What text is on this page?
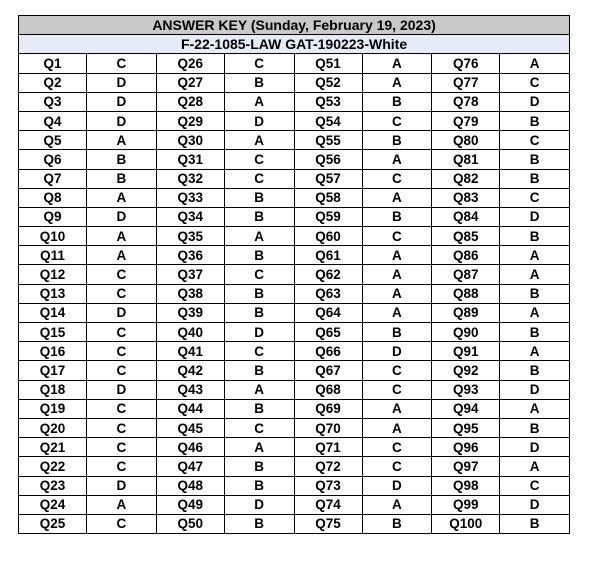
ANSWER KEY (Sunday, February 19, 2023)							
F-22-1085-LAW GAT-190223-White							
Q1	C	Q26	C	Q51	A	Q76	A
Q2	D	Q27	B	Q52	A	Q77	C
Q3	D	Q28	A	Q53	B	Q78	D
Q4	D	Q29	D	Q54	C	Q79	B
Q5	A	Q30	A	Q55	B	Q80	C
Q6	B	Q31	C	Q56	A	Q81	B
Q7	B	Q32	C	Q57	C	Q82	B
Q8	A	Q33	B	Q58	A	Q83	C
Q9	D	Q34	B	Q59	B	Q84	D
Q10	A	Q35	A	Q60	C	Q85	B
Q11	A	Q36	B	Q61	A	Q86	A
Q12	C	Q37	C	Q62	A	Q87	A
Q13	C	Q38	B	Q63	A	Q88	B
Q14	D	Q39	B	Q64	A	Q89	A
Q15	C	Q40	D	Q65	B	Q90	B
Q16	C	Q41	C	Q66	D	Q91	A
Q17	C	Q42	B	Q67	C	Q92	B
Q18	D	Q43	A	Q68	C	Q93	D
Q19	C	Q44	B	Q69	A	Q94	A
Q20	C	Q45	C	Q70	A	Q95	B
Q21	C	Q46	A	Q71	C	Q96	D
Q22	C	Q47	B	Q72	C	Q97	A
Q23	D	Q48	B	Q73	D	Q98	C
Q24	A	Q49	D	Q74	A	Q99	D
Q25	C	Q50	B	Q75	B	Q100	B
